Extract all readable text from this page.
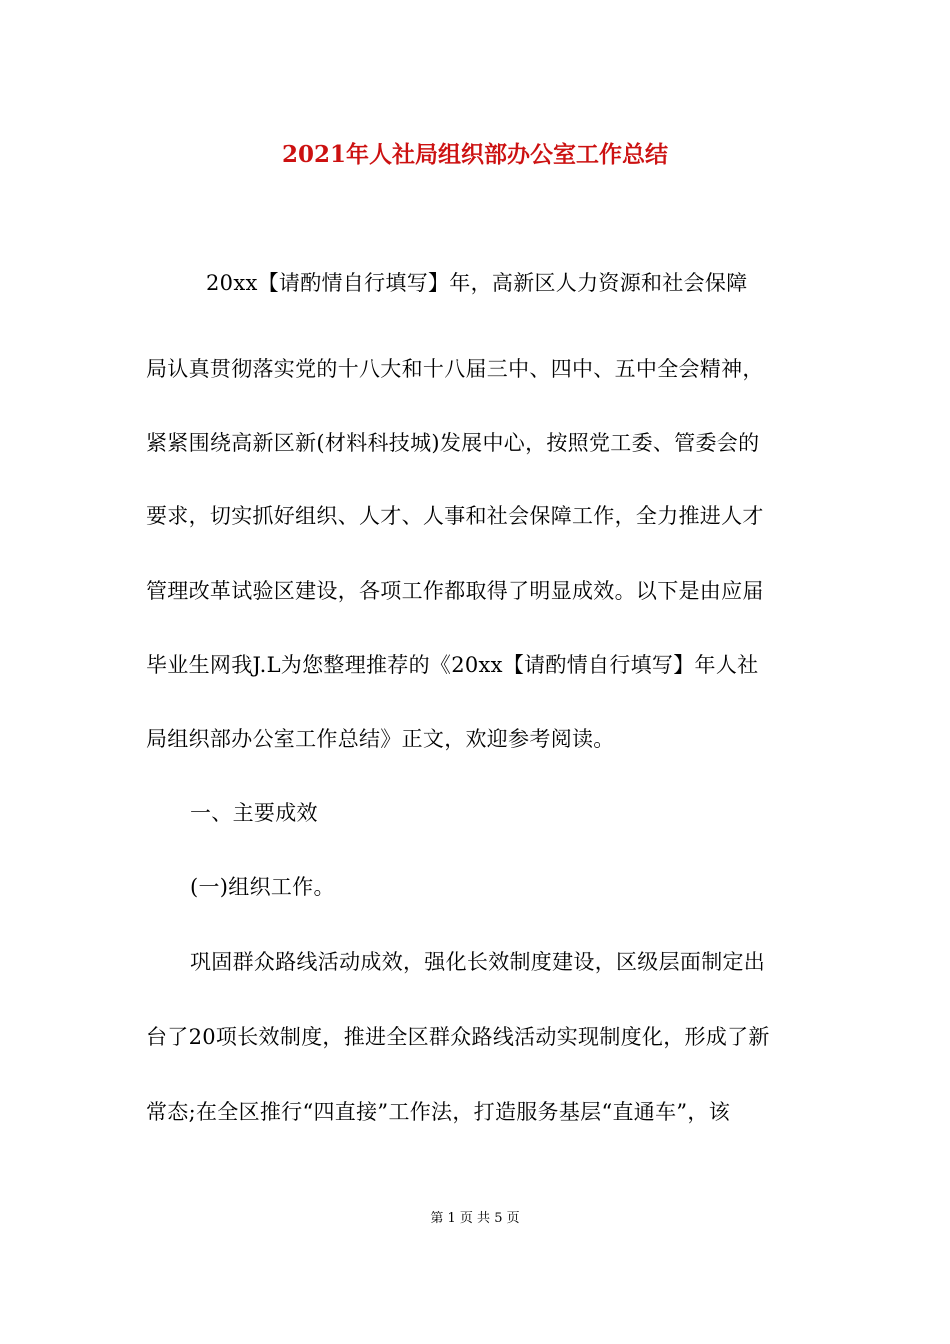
2021年人社局组织部办公室工作总结
20xx【请酌情自行填写】年，高新区人力资源和社会保障
局认真贯彻落实党的十八大和十八届三中、四中、五中全会精神，
紧紧围绕高新区新(材料科技城)发展中心，按照党工委、管委会的
要求，切实抓好组织、人才、人事和社会保障工作，全力推进人才
管理改革试验区建设，各项工作都取得了明显成效。以下是由应届
毕业生网我J.L为您整理推荐的《20xx【请酌情自行填写】年人社
局组织部办公室工作总结》正文，欢迎参考阅读。
一、主要成效
(一)组织工作。
巩固群众路线活动成效，强化长效制度建设，区级层面制定出
台了20项长效制度，推进全区群众路线活动实现制度化，形成了新
常态;在全区推行“四直接”工作法，打造服务基层“直通车”，该
第 1 页 共 5 页
